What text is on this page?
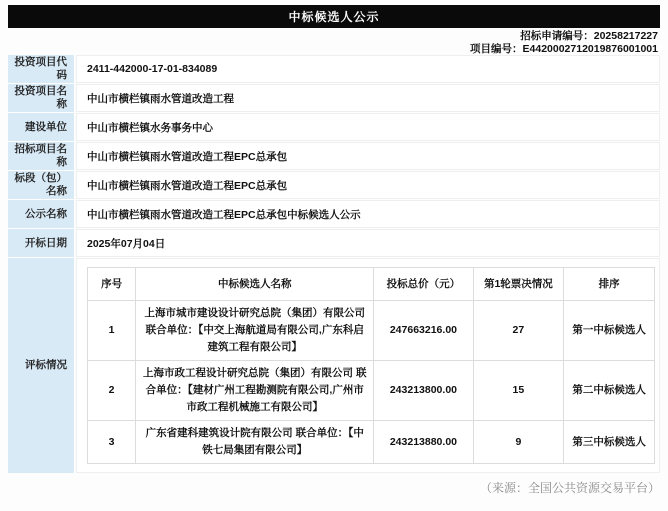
中标候选人公示
招标申请编号：20258217227
项目编号：E4420002712019876001001
投资项目代码	2411-442000-17-01-834089
投资项目名称	中山市横栏镇雨水管道改造工程
建设单位	中山市横栏镇水务事务中心
招标项目名称	中山市横栏镇雨水管道改造工程EPC总承包
标段（包）名称	中山市横栏镇雨水管道改造工程EPC总承包
公示名称	中山市横栏镇雨水管道改造工程EPC总承包中标候选人公示
开标日期	2025年07月04日
评标情况
序号	中标候选人名称	投标总价（元）	第1轮票决情况	排序
1	上海市城市建设设计研究总院（集团）有限公司 联合单位：【中交上海航道局有限公司,广东科启建筑工程有限公司】	247663216.00	27	第一中标候选人
2	上海市政工程设计研究总院（集团）有限公司 联合单位：【建材广州工程勘测院有限公司,广州市市政工程机械施工有限公司】	243213800.00	15	第二中标候选人
3	广东省建科建筑设计院有限公司 联合单位：【中铁七局集团有限公司】	243213880.00	9	第三中标候选人
（来源：全国公共资源交易平台）
